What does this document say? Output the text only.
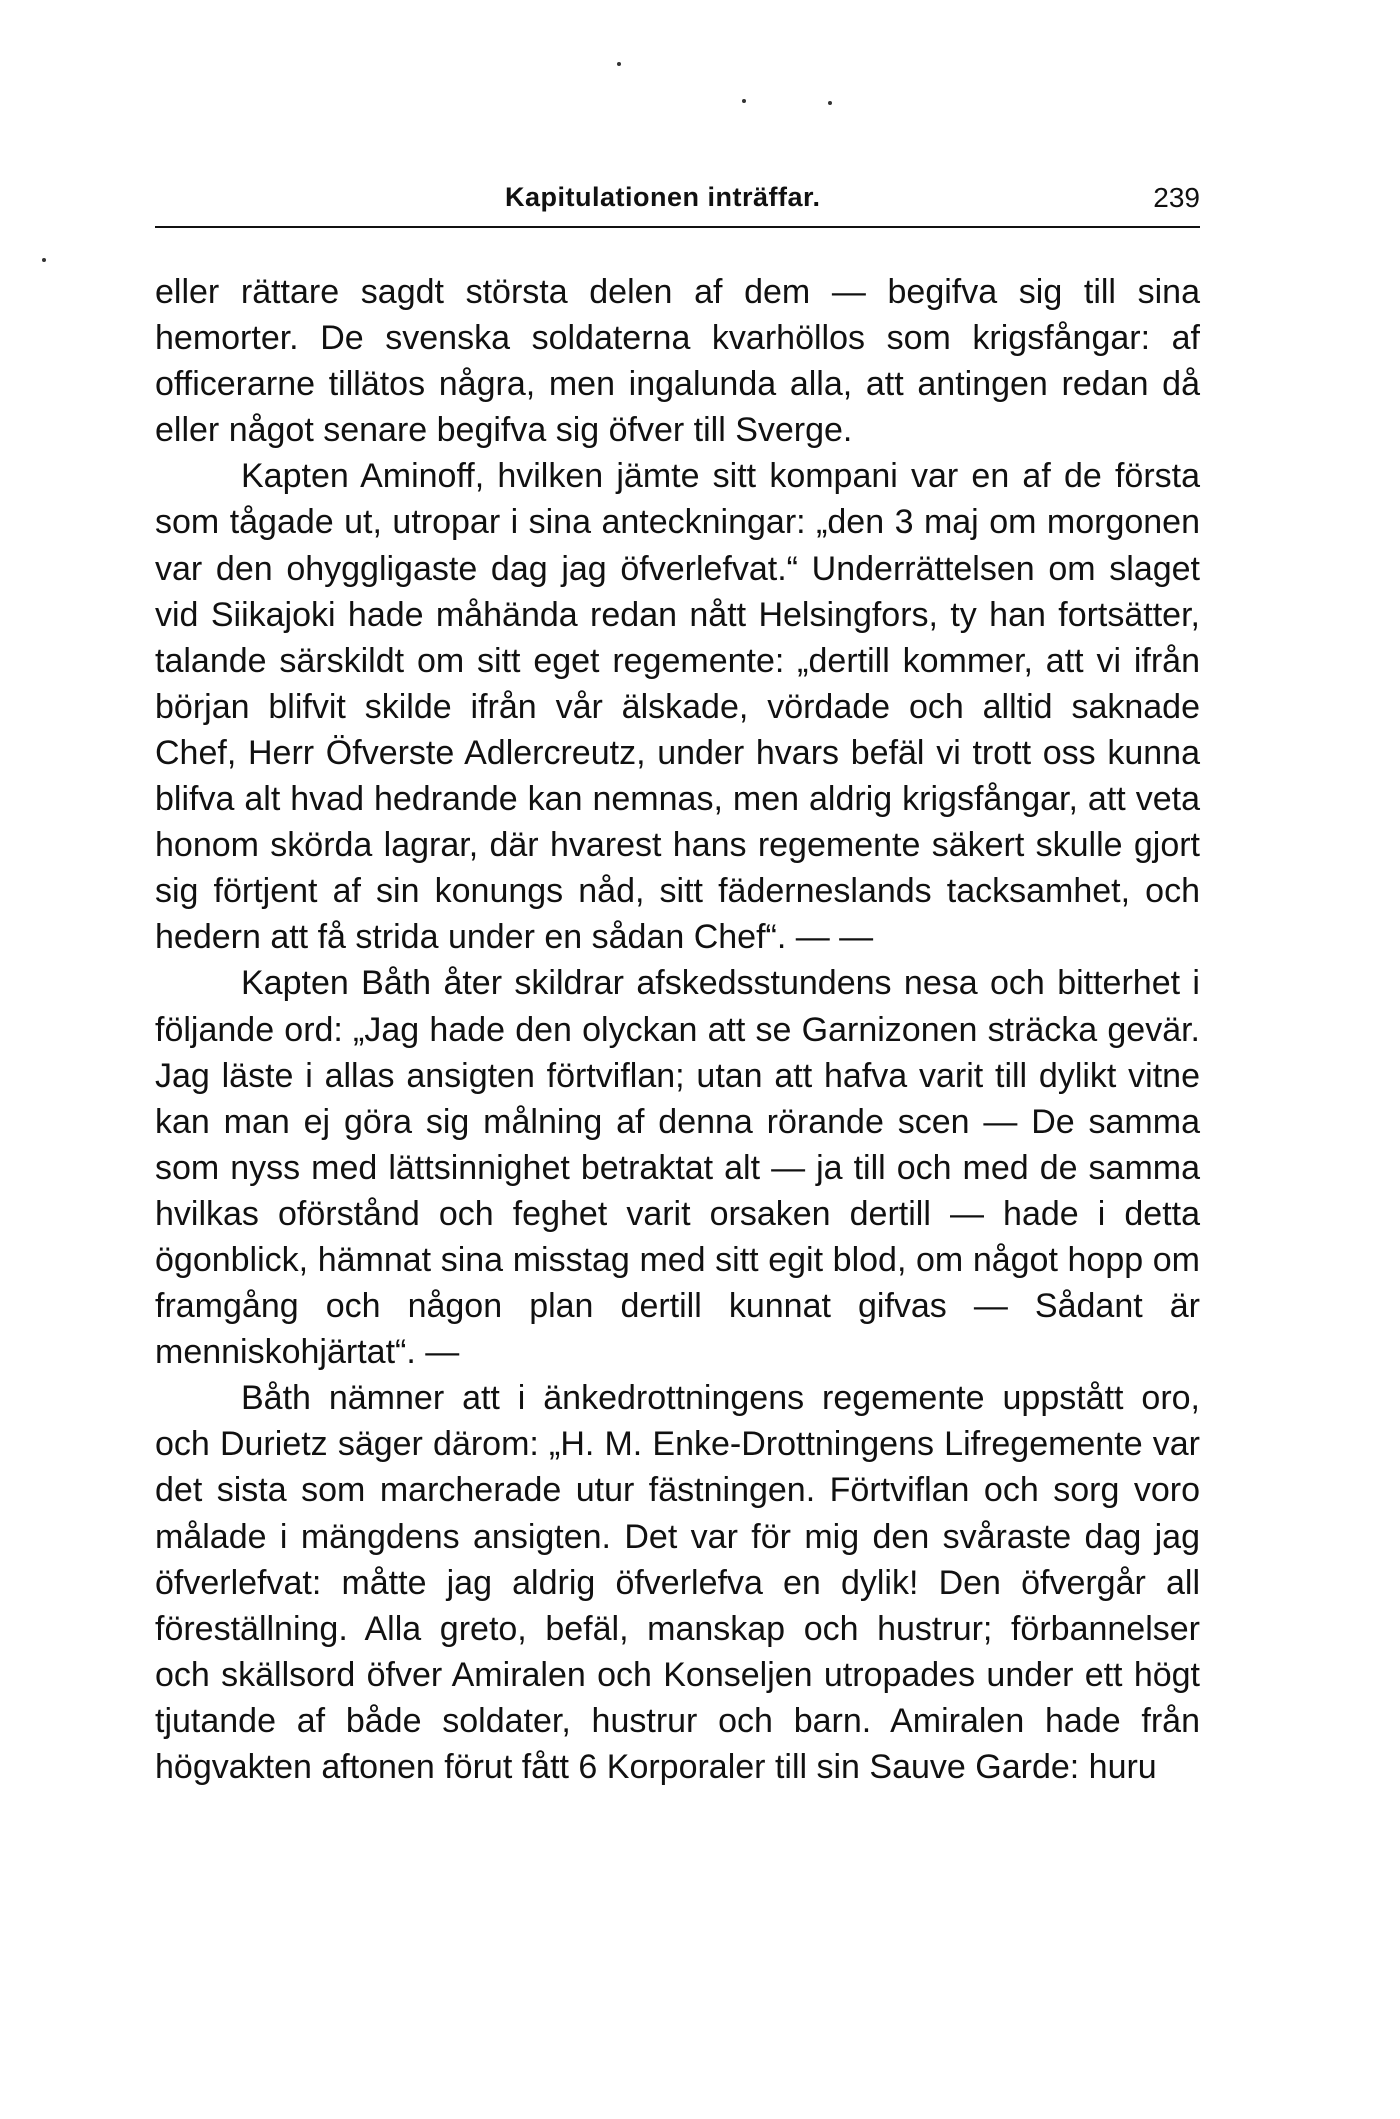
Kapitulationen inträffar.	239

eller rättare sagdt största delen af dem — begifva sig till sina hemorter. De svenska soldaterna kvarhöllos som krigsfångar: af officerarne tillätos några, men ingalunda alla, att antingen redan då eller något senare begifva sig öfver till Sverge.

Kapten Aminoff, hvilken jämte sitt kompani var en af de första som tågade ut, utropar i sina anteckningar: „den 3 maj om morgonen var den ohyggligaste dag jag öfverlefvat.“ Underrättelsen om slaget vid Siikajoki hade måhända redan nått Helsingfors, ty han fortsätter, talande särskildt om sitt eget regemente: „dertill kommer, att vi ifrån början blifvit skilde ifrån vår älskade, vördade och alltid saknade Chef, Herr Öfverste Adlercreutz, under hvars befäl vi trott oss kunna blifva alt hvad hedrande kan nemnas, men aldrig krigsfångar, att veta honom skörda lagrar, där hvarest hans regemente säkert skulle gjort sig förtjent af sin konungs nåd, sitt fäderneslands tacksamhet, och hedern att få strida under en sådan Chef“. — —

Kapten Båth åter skildrar afskedsstundens nesa och bitterhet i följande ord: „Jag hade den olyckan att se Garnizonen sträcka gevär. Jag läste i allas ansigten förtviflan; utan att hafva varit till dylikt vitne kan man ej göra sig målning af denna rörande scen — De samma som nyss med lättsinnighet betraktat alt — ja till och med de samma hvilkas oförstånd och feghet varit orsaken dertill — hade i detta ögonblick, hämnat sina misstag med sitt egit blod, om något hopp om framgång och någon plan dertill kunnat gifvas — Sådant är menniskohjärtat“. —

Båth nämner att i änkedrottningens regemente uppstått oro, och Durietz säger därom: „H. M. Enke-Drottningens Lifregemente var det sista som marcherade utur fästningen. Förtviflan och sorg voro målade i mängdens ansigten. Det var för mig den svåraste dag jag öfverlefvat: måtte jag aldrig öfverlefva en dylik! Den öfvergår all föreställning. Alla greto, befäl, manskap och hustrur; förbannelser och skällsord öfver Amiralen och Konseljen utropades under ett högt tjutande af både soldater, hustrur och barn. Amiralen hade från högvakten aftonen förut fått 6 Korporaler till sin Sauve Garde: huru
